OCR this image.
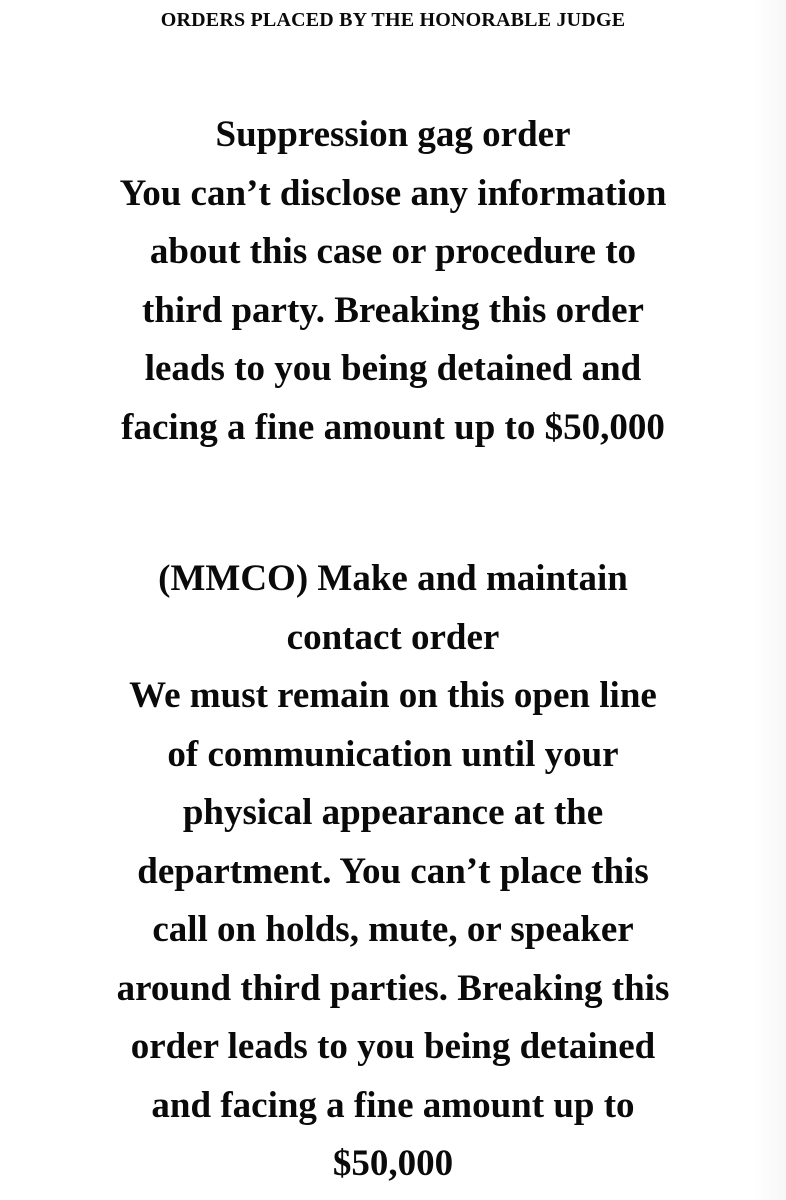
ORDERS PLACED BY THE HONORABLE JUDGE
Suppression gag order
You can’t disclose any information
about this case or procedure to
third party. Breaking this order
leads to you being detained and
facing a fine amount up to $50,000
(MMCO) Make and maintain
contact order
We must remain on this open line
of communication until your
physical appearance at the
department. You can’t place this
call on holds, mute, or speaker
around third parties. Breaking this
order leads to you being detained
and facing a fine amount up to
$50,000
